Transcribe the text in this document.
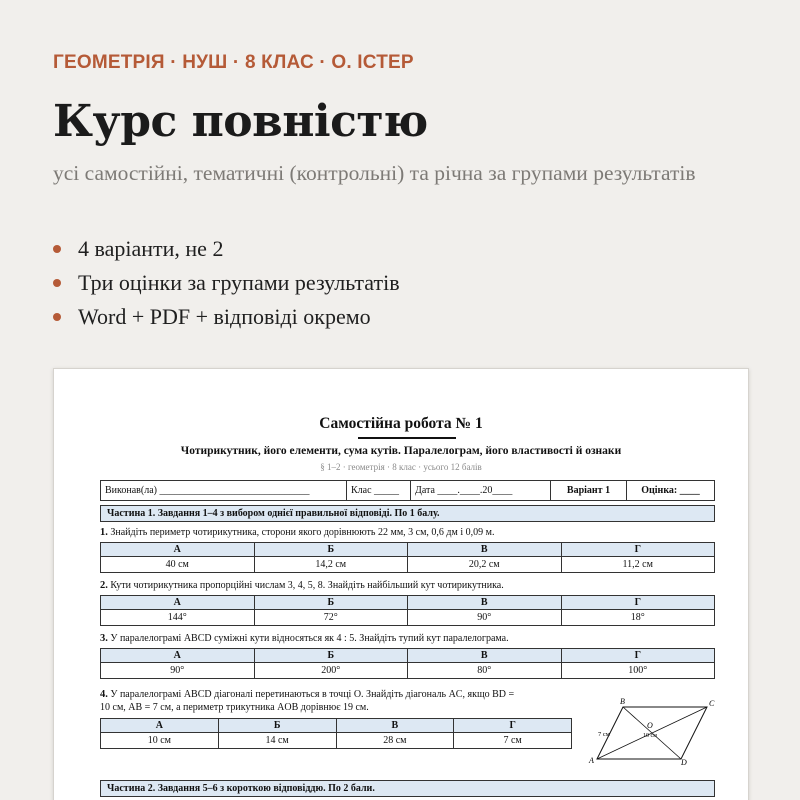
ГЕОМЕТРІЯ · НУШ · 8 КЛАС · О. ІСТЕР
Курс повністю
усі самостійні, тематичні (контрольні) та річна за групами результатів
4 варіанти, не 2
Три оцінки за групами результатів
Word + PDF + відповіді окремо
Самостійна робота № 1
Чотирикутник, його елементи, сума кутів. Паралелограм, його властивості й ознаки
§ 1–2 · геометрія · 8 клас · усього 12 балів
Виконав(ла) ______________________________	Клас _____	Дата ____.____.20____	Варіант 1	Оцінка: ____
Частина 1. Завдання 1–4 з вибором однієї правильної відповіді. По 1 балу.
1. Знайдіть периметр чотирикутника, сторони якого дорівнюють 22 мм, 3 см, 0,6 дм і 0,09 м.
А	Б	В	Г
40 см	14,2 см	20,2 см	11,2 см
2. Кути чотирикутника пропорційні числам 3, 4, 5, 8. Знайдіть найбільший кут чотирикутника.
А	Б	В	Г
144°	72°	90°	18°
3. У паралелограмі ABCD суміжні кути відносяться як 4 : 5. Знайдіть тупий кут паралелограма.
А	Б	В	Г
90°	200°	80°	100°
4. У паралелограмі ABCD діагоналі перетинаються в точці O. Знайдіть діагональ AC, якщо BD =
10 см, AB = 7 см, а периметр трикутника AOB дорівнює 19 см.
А	Б	В	Г
10 см	14 см	28 см	7 см
B	C
A	D
O
7 см	10 см
Частина 2. Завдання 5–6 з короткою відповіддю. По 2 бали.
